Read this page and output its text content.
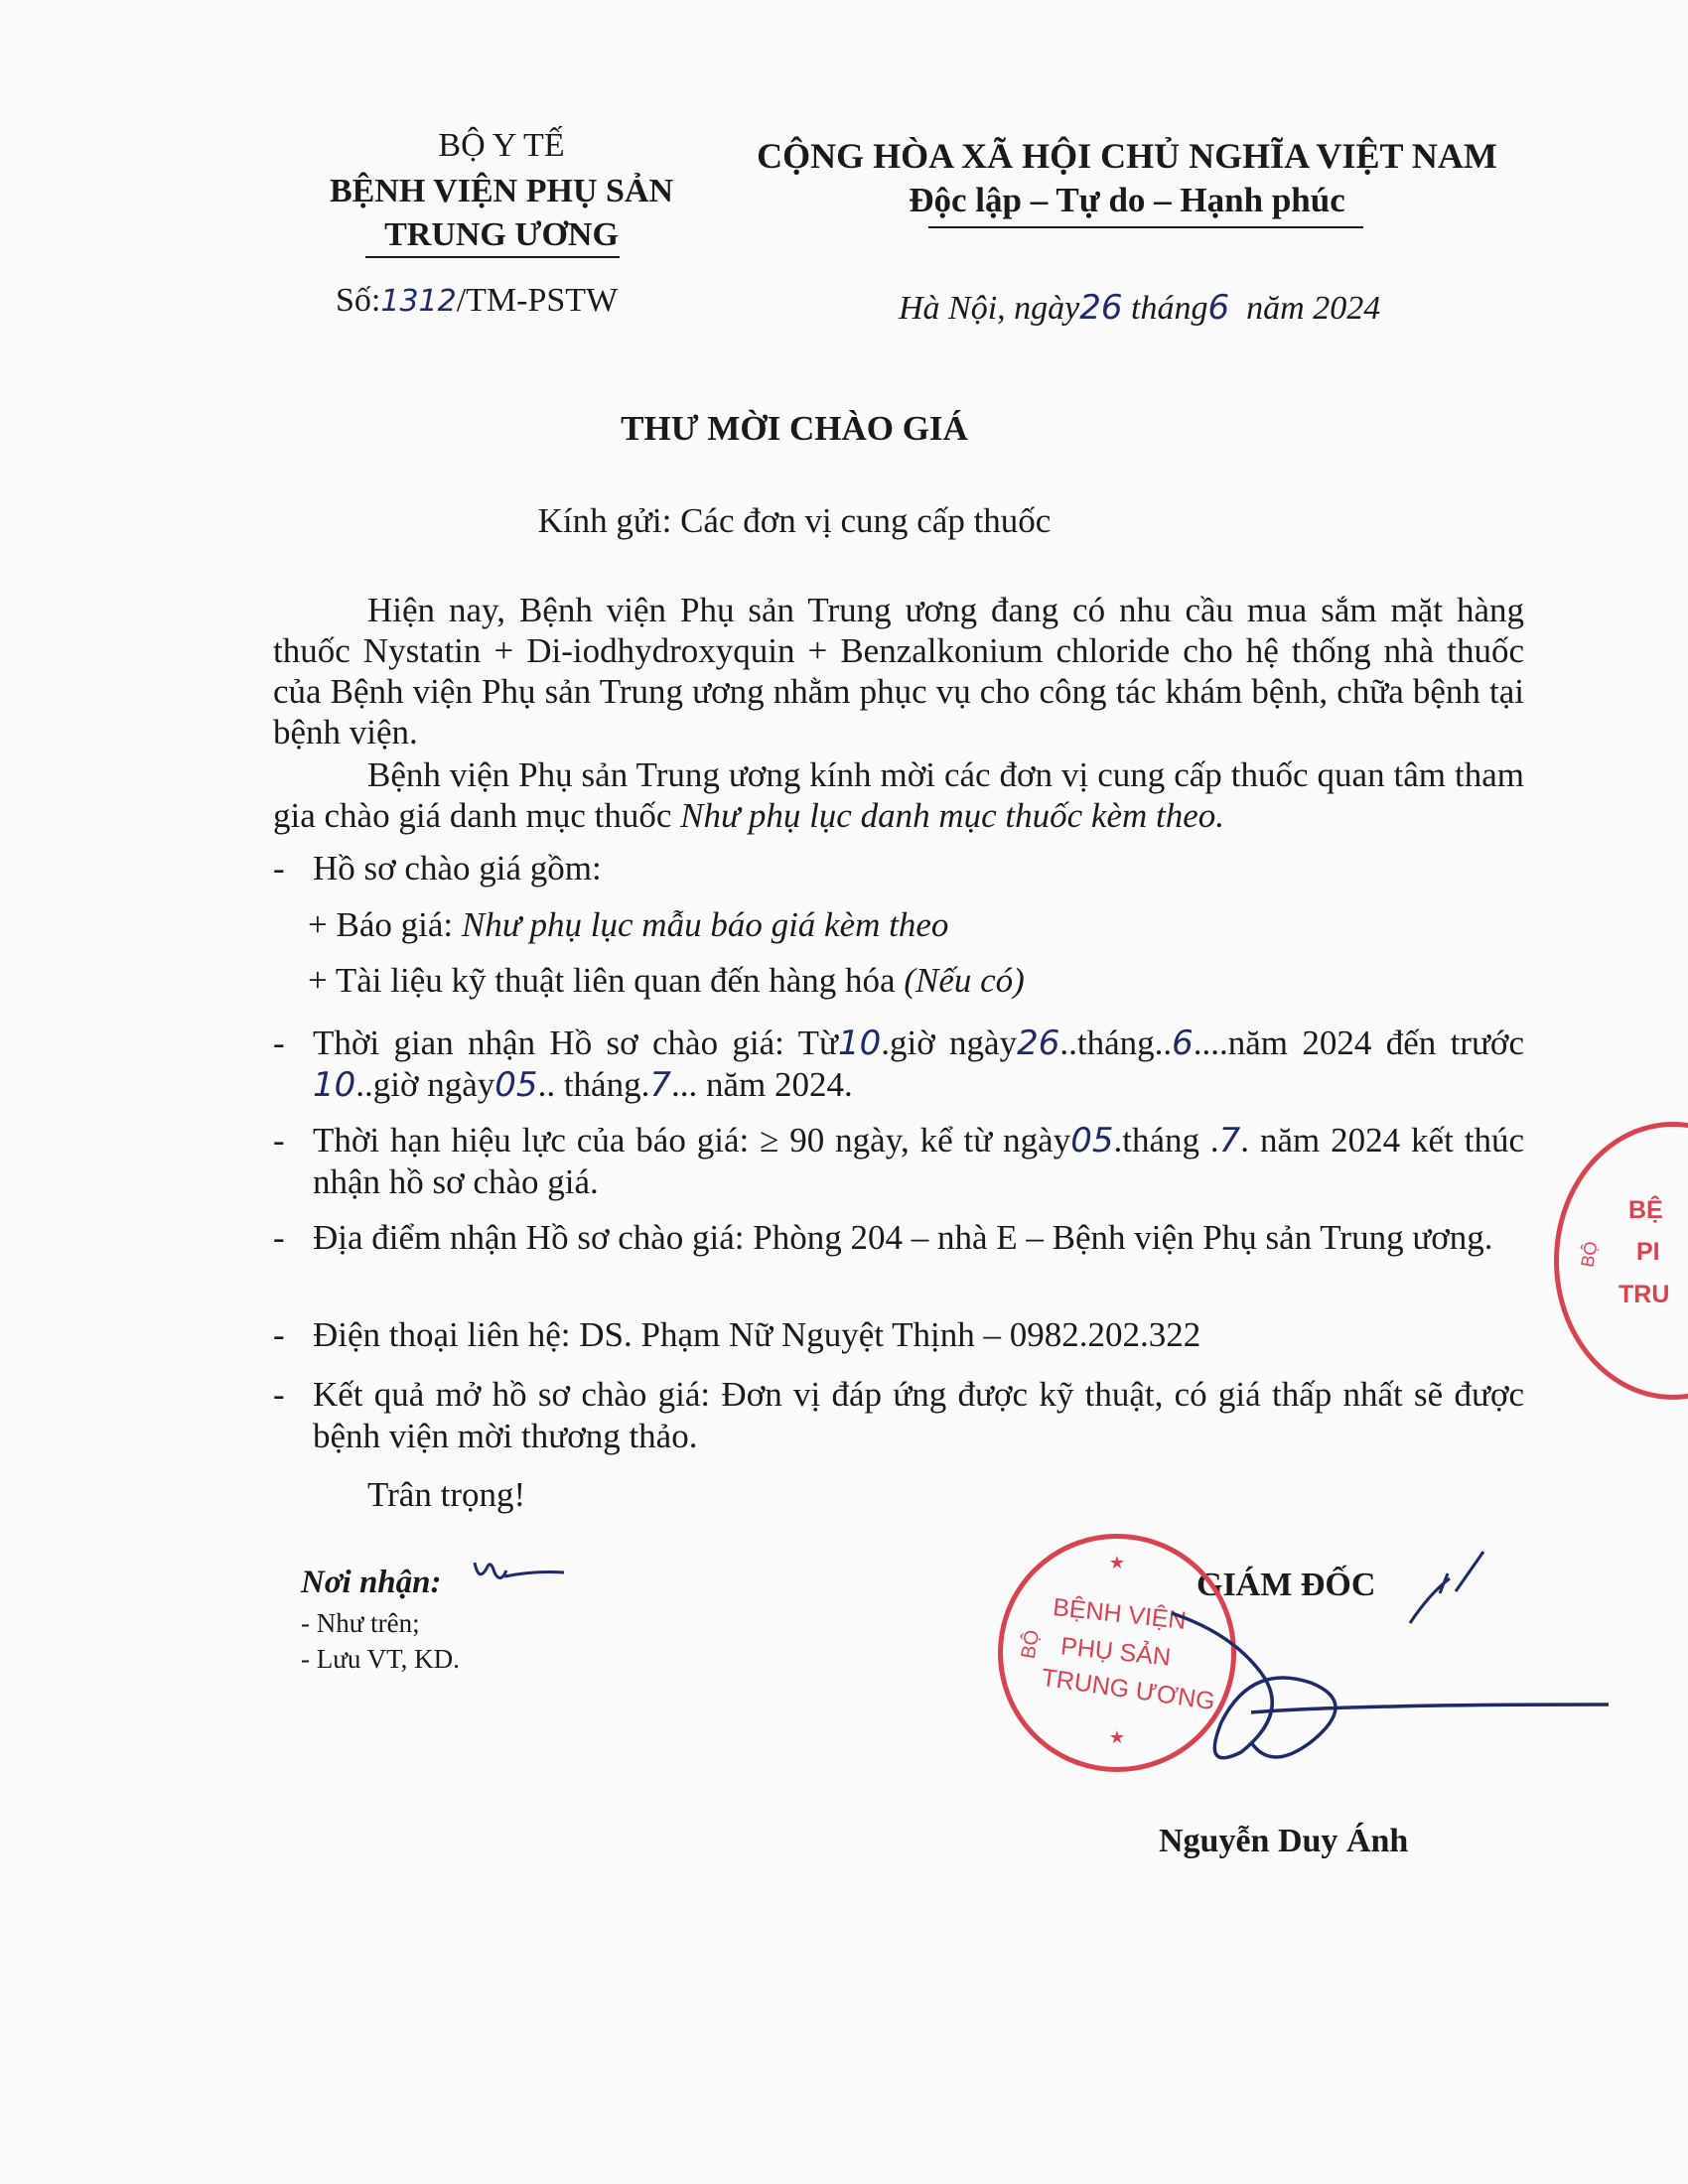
BỘ Y TẾ
BỆNH VIỆN PHỤ SẢN
TRUNG ƯƠNG
Số:1312/TM-PSTW
CỘNG HÒA XÃ HỘI CHỦ NGHĨA VIỆT NAM
Độc lập – Tự do – Hạnh phúc
Hà Nội, ngày26 tháng6 năm 2024
THƯ MỜI CHÀO GIÁ
Kính gửi: Các đơn vị cung cấp thuốc
Hiện nay, Bệnh viện Phụ sản Trung ương đang có nhu cầu mua sắm mặt hàng thuốc Nystatin + Di-iodhydroxyquin + Benzalkonium chloride cho hệ thống nhà thuốc của Bệnh viện Phụ sản Trung ương nhằm phục vụ cho công tác khám bệnh, chữa bệnh tại bệnh viện.
Bệnh viện Phụ sản Trung ương kính mời các đơn vị cung cấp thuốc quan tâm tham gia chào giá danh mục thuốc Như phụ lục danh mục thuốc kèm theo.
- Hồ sơ chào giá gồm:
+ Báo giá: Như phụ lục mẫu báo giá kèm theo
+ Tài liệu kỹ thuật liên quan đến hàng hóa (Nếu có)
- Thời gian nhận Hồ sơ chào giá: Từ10.giờ ngày26..tháng..6....năm 2024 đến trước 10..giờ ngày05.. tháng.7... năm 2024.
- Thời hạn hiệu lực của báo giá: ≥ 90 ngày, kể từ ngày05.tháng .7. năm 2024 kết thúc nhận hồ sơ chào giá.
- Địa điểm nhận Hồ sơ chào giá: Phòng 204 – nhà E – Bệnh viện Phụ sản Trung ương.
- Điện thoại liên hệ: DS. Phạm Nữ Nguyệt Thịnh – 0982.202.322
- Kết quả mở hồ sơ chào giá: Đơn vị đáp ứng được kỹ thuật, có giá thấp nhất sẽ được bệnh viện mời thương thảo.
Trân trọng!
Nơi nhận:
- Như trên;
- Lưu VT, KD.
GIÁM ĐỐC
Nguyễn Duy Ánh
★
BỘ
BỆNH VIỆN
PHỤ SẢN
TRUNG ƯƠNG
★
BỘ
BỆ
PI
TRU
